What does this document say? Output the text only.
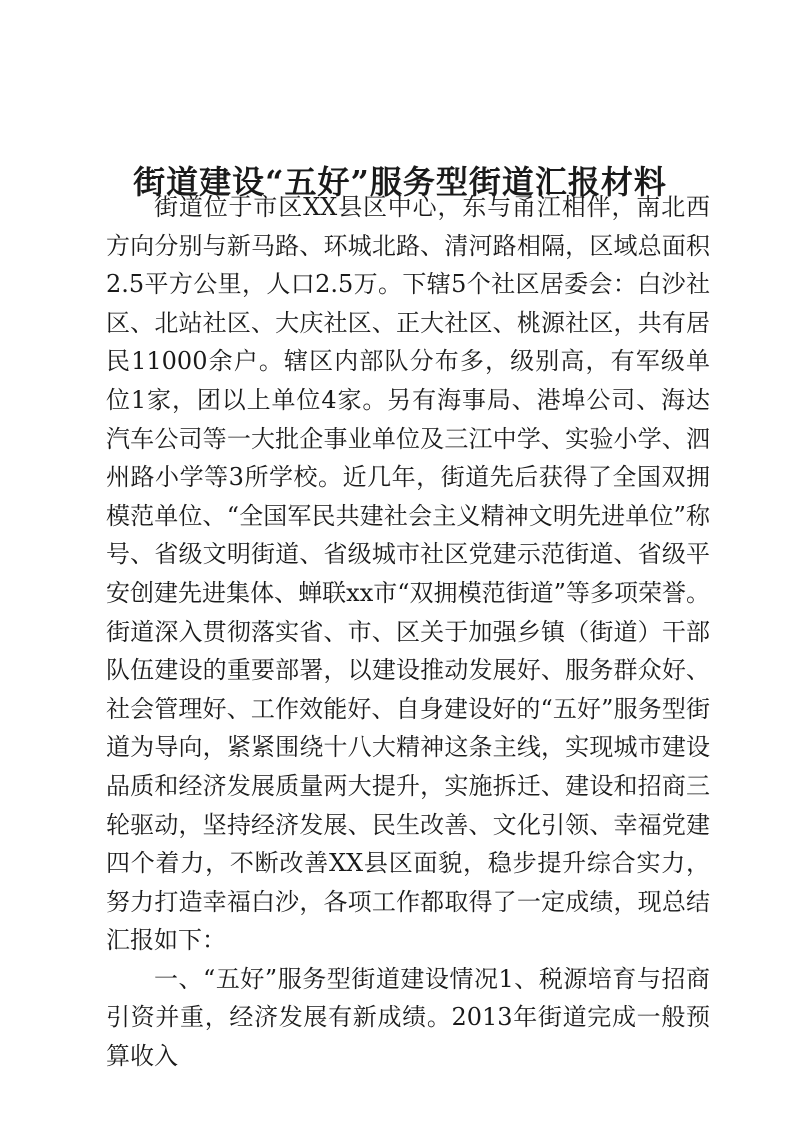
街道建设“五好”服务型街道汇报材料

街道位于市区XX县区中心，东与甬江相伴，南北西方向分别与新马路、环城北路、清河路相隔，区域总面积2.5平方公里，人口2.5万。下辖5个社区居委会：白沙社区、北站社区、大庆社区、正大社区、桃源社区，共有居民11000余户。辖区内部队分布多，级别高，有军级单位1家，团以上单位4家。另有海事局、港埠公司、海达汽车公司等一大批企事业单位及三江中学、实验小学、泗州路小学等3所学校。近几年，街道先后获得了全国双拥模范单位、“全国军民共建社会主义精神文明先进单位”称号、省级文明街道、省级城市社区党建示范街道、省级平安创建先进集体、蝉联xx市“双拥模范街道”等多项荣誉。街道深入贯彻落实省、市、区关于加强乡镇（街道）干部队伍建设的重要部署，以建设推动发展好、服务群众好、社会管理好、工作效能好、自身建设好的“五好”服务型街道为导向，紧紧围绕十八大精神这条主线，实现城市建设品质和经济发展质量两大提升，实施拆迁、建设和招商三轮驱动，坚持经济发展、民生改善、文化引领、幸福党建四个着力，不断改善XX县区面貌，稳步提升综合实力，努力打造幸福白沙，各项工作都取得了一定成绩，现总结汇报如下：

一、“五好”服务型街道建设情况1、税源培育与招商引资并重，经济发展有新成绩。2013年街道完成一般预算收入
